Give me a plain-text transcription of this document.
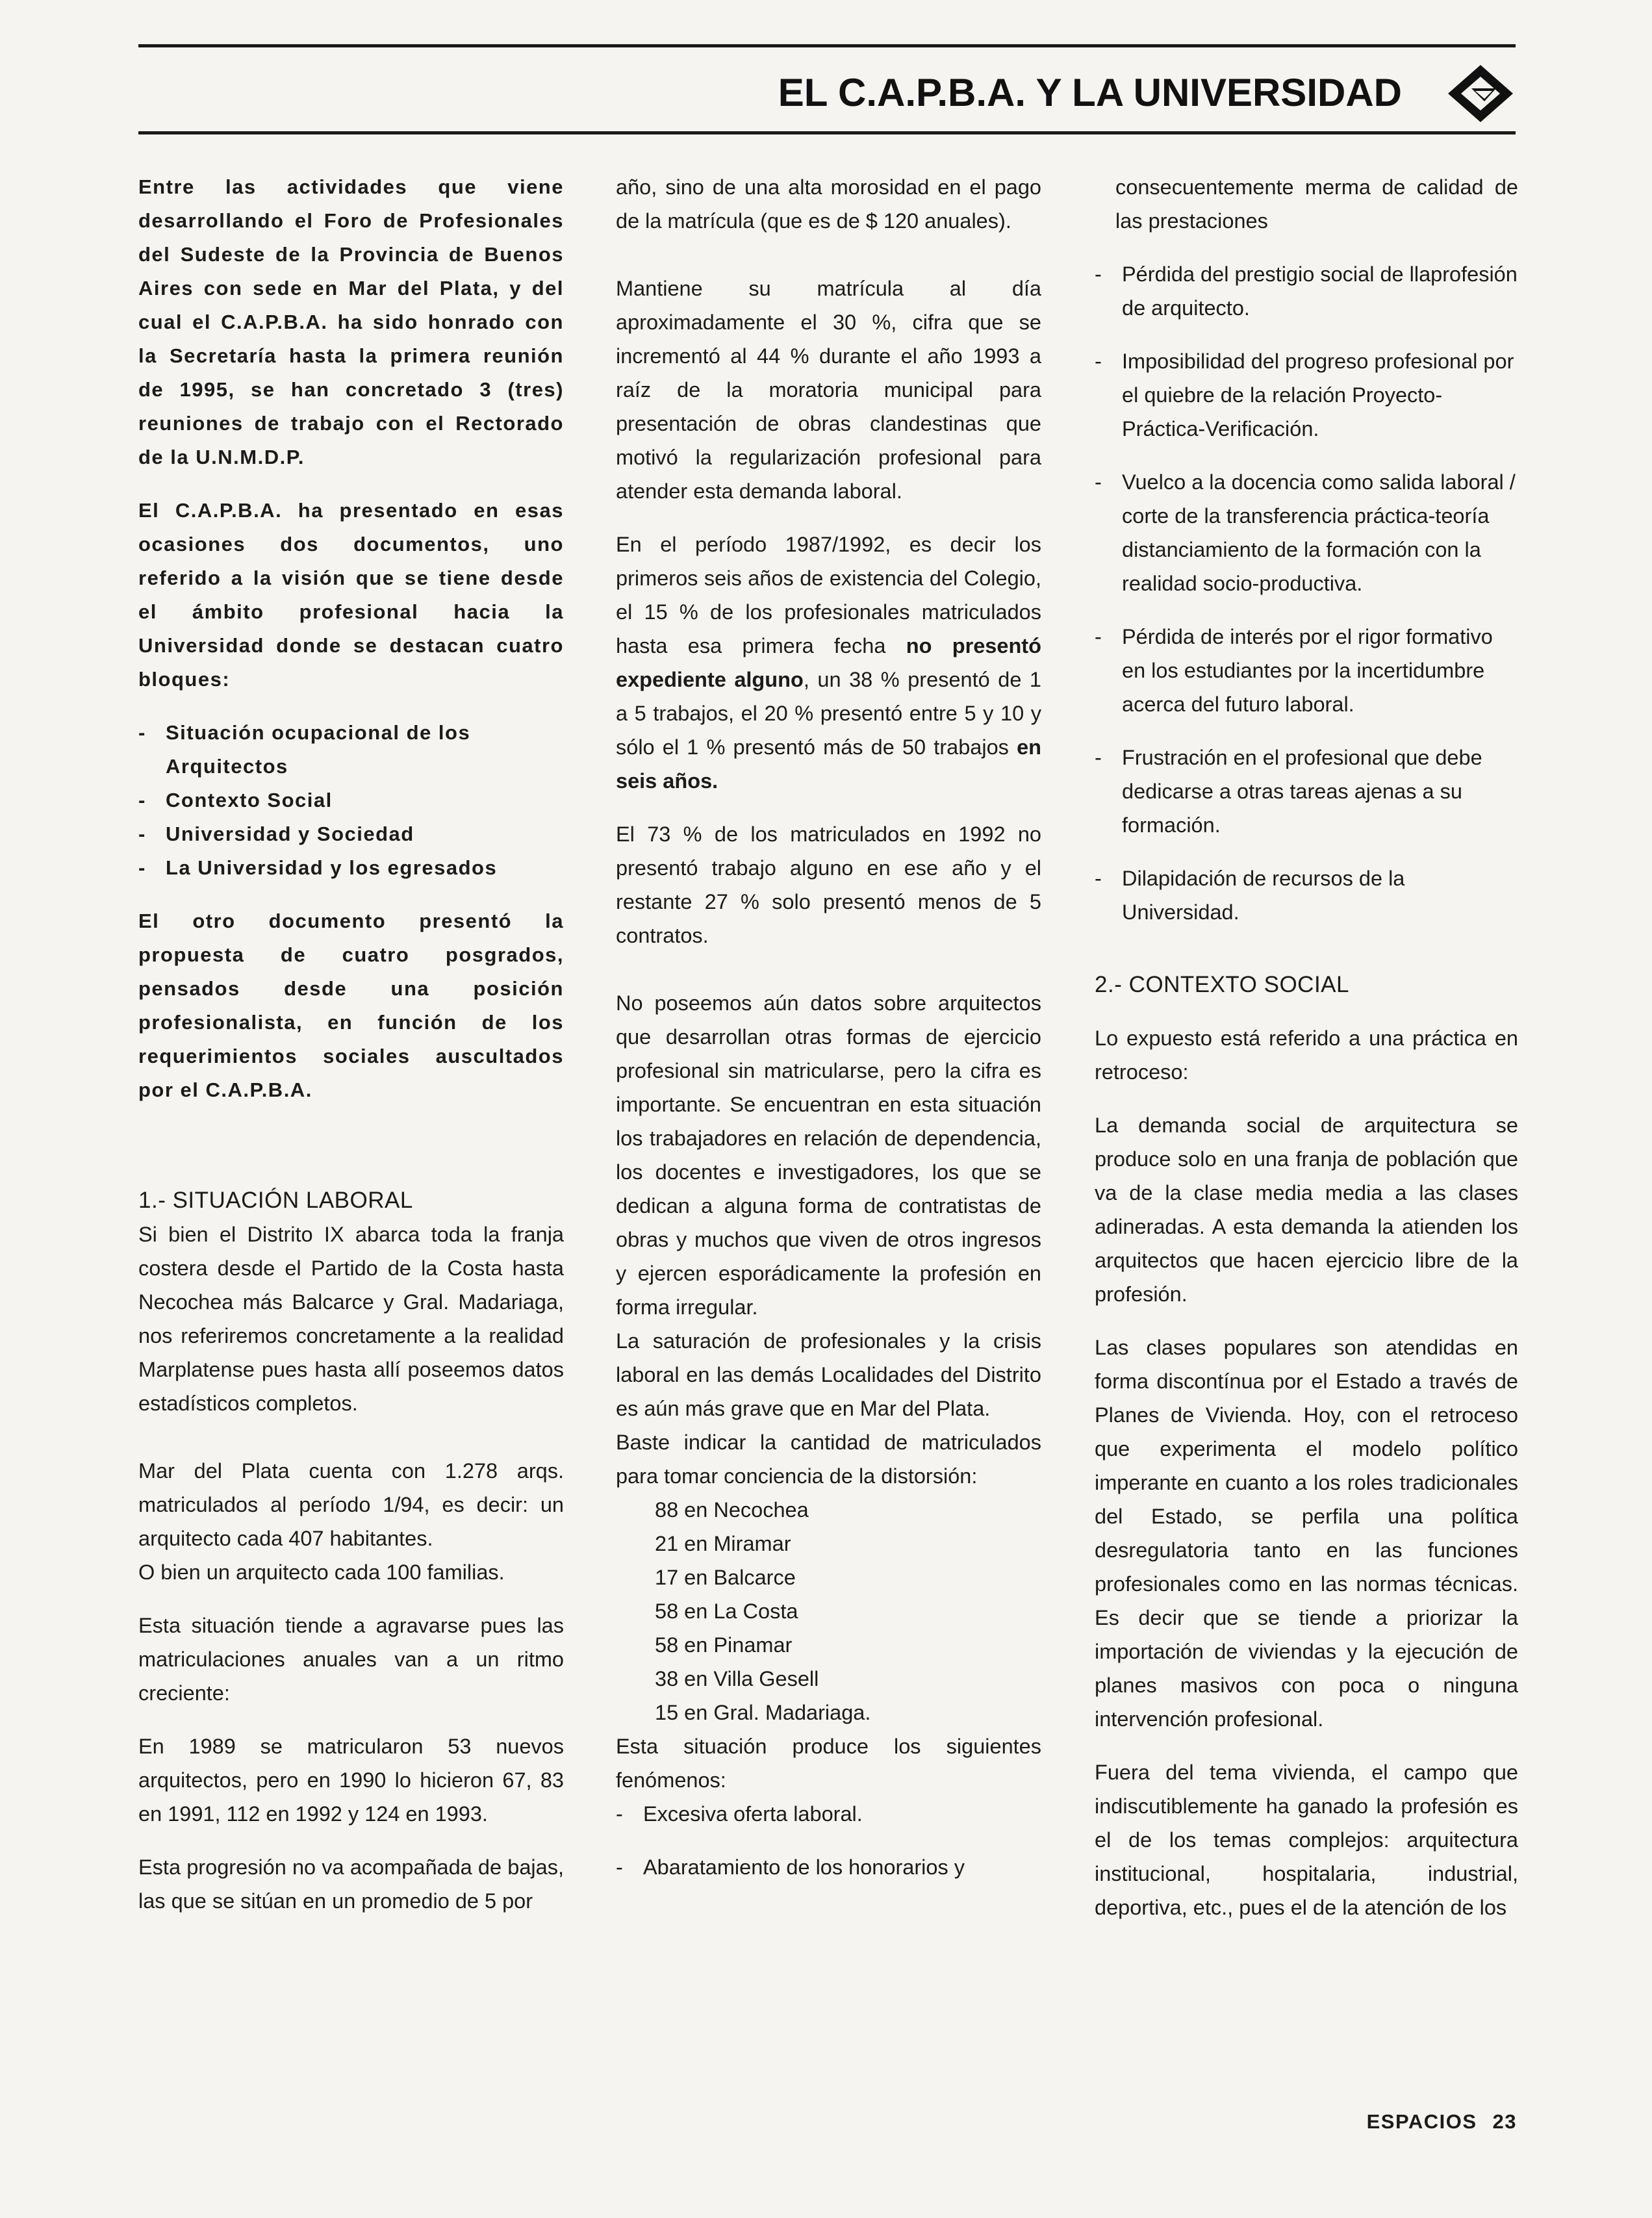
EL C.A.P.B.A. Y LA UNIVERSIDAD

Entre las actividades que viene desarrollando el Foro de Profesionales del Sudeste de la Provincia de Buenos Aires con sede en Mar del Plata, y del cual el C.A.P.B.A. ha sido honrado con la Secretaría hasta la primera reunión de 1995, se han concretado 3 (tres) reuniones de trabajo con el Rectorado de la U.N.M.D.P.

El C.A.P.B.A. ha presentado en esas ocasiones dos documentos, uno referido a la visión que se tiene desde el ámbito profesional hacia la Universidad donde se destacan cuatro bloques:

- Situación ocupacional de los Arquitectos
- Contexto Social
- Universidad y Sociedad
- La Universidad y los egresados

El otro documento presentó la propuesta de cuatro posgrados, pensados desde una posición profesionalista, en función de los requerimientos sociales auscultados por el C.A.P.B.A.

1.- SITUACIÓN LABORAL

Si bien el Distrito IX abarca toda la franja costera desde el Partido de la Costa hasta Necochea más Balcarce y Gral. Madariaga, nos referiremos concretamente a la realidad Marplatense pues hasta allí poseemos datos estadísticos completos.

Mar del Plata cuenta con 1.278 arqs. matriculados al período 1/94, es decir: un arquitecto cada 407 habitantes.

O bien un arquitecto cada 100 familias.

Esta situación tiende a agravarse pues las matriculaciones anuales van a un ritmo creciente:

En 1989 se matricularon 53 nuevos arquitectos, pero en 1990 lo hicieron 67, 83 en 1991, 112 en 1992 y 124 en 1993.

Esta progresión no va acompañada de bajas, las que se sitúan en un promedio de 5 por

año, sino de una alta morosidad en el pago de la matrícula (que es de $ 120 anuales).

Mantiene su matrícula al día aproximadamente el 30 %, cifra que se incrementó al 44 % durante el año 1993 a raíz de la moratoria municipal para presentación de obras clandestinas que motivó la regularización profesional para atender esta demanda laboral.

En el período 1987/1992, es decir los primeros seis años de existencia del Colegio, el 15 % de los profesionales matriculados hasta esa primera fecha no presentó expediente alguno, un 38 % presentó de 1 a 5 trabajos, el 20 % presentó entre 5 y 10 y sólo el 1 % presentó más de 50 trabajos en seis años.

El 73 % de los matriculados en 1992 no presentó trabajo alguno en ese año y el restante 27 % solo presentó menos de 5 contratos.

No poseemos aún datos sobre arquitectos que desarrollan otras formas de ejercicio profesional sin matricularse, pero la cifra es importante. Se encuentran en esta situación los trabajadores en relación de dependencia, los docentes e investigadores, los que se dedican a alguna forma de contratistas de obras y muchos que viven de otros ingresos y ejercen esporádicamente la profesión en forma irregular.

La saturación de profesionales y la crisis laboral en las demás Localidades del Distrito es aún más grave que en Mar del Plata.

Baste indicar la cantidad de matriculados para tomar conciencia de la distorsión:

88 en Necochea
21 en Miramar
17 en Balcarce
58 en La Costa
58 en Pinamar
38 en Villa Gesell
15 en Gral. Madariaga.

Esta situación produce los siguientes fenómenos:

- Excesiva oferta laboral.
- Abaratamiento de los honorarios y

consecuentemente merma de calidad de las prestaciones

- Pérdida del prestigio social de llaprofesión de arquitecto.
- Imposibilidad del progreso profesional por el quiebre de la relación Proyecto-Práctica-Verificación.
- Vuelco a la docencia como salida laboral / corte de la transferencia práctica-teoría distanciamiento de la formación con la realidad socio-productiva.
- Pérdida de interés por el rigor formativo en los estudiantes por la incertidumbre acerca del futuro laboral.
- Frustración en el profesional que debe dedicarse a otras tareas ajenas a su formación.
- Dilapidación de recursos de la Universidad.
2.- CONTEXTO SOCIAL

Lo expuesto está referido a una práctica en retroceso:

La demanda social de arquitectura se produce solo en una franja de población que va de la clase media media a las clases adineradas. A esta demanda la atienden los arquitectos que hacen ejercicio libre de la profesión.

Las clases populares son atendidas en forma discontínua por el Estado a través de Planes de Vivienda. Hoy, con el retroceso que experimenta el modelo político imperante en cuanto a los roles tradicionales del Estado, se perfila una política desregulatoria tanto en las funciones profesionales como en las normas técnicas. Es decir que se tiende a priorizar la importación de viviendas y la ejecución de planes masivos con poca o ninguna intervención profesional.

Fuera del tema vivienda, el campo que indiscutiblemente ha ganado la profesión es el de los temas complejos: arquitectura institucional, hospitalaria, industrial, deportiva, etc., pues el de la atención de los

ESPACIOS 23
